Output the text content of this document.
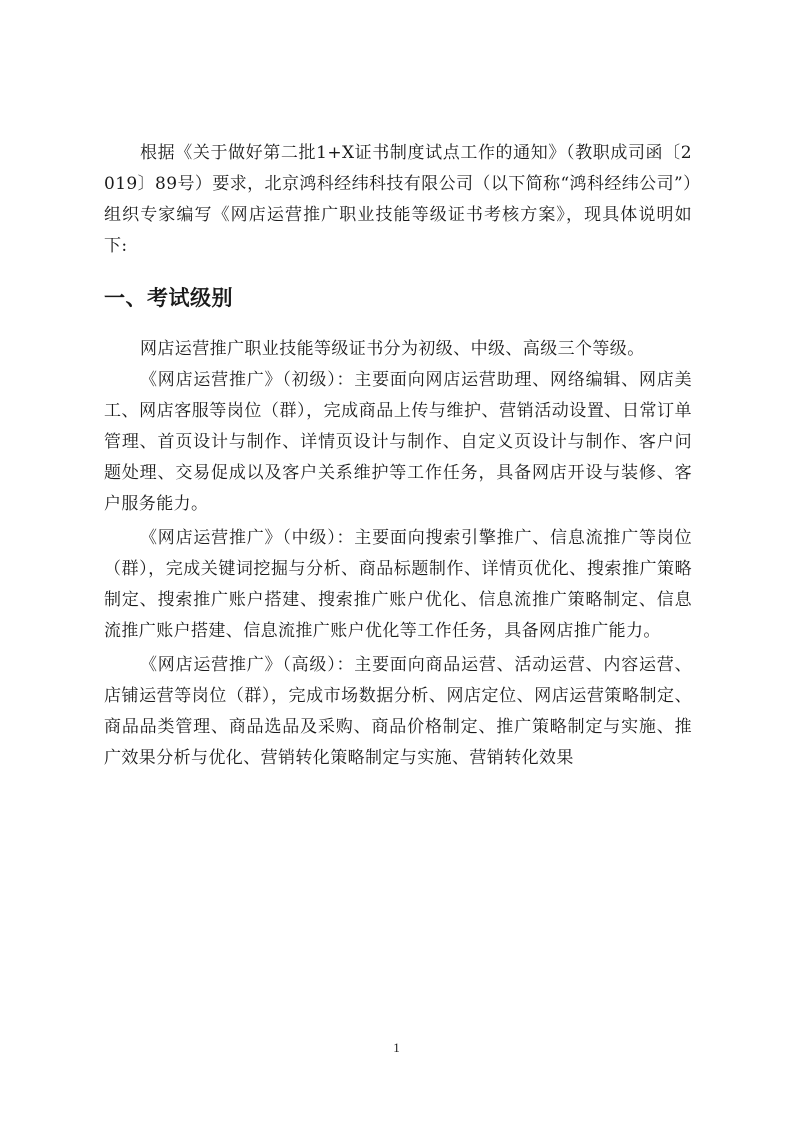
根据《关于做好第二批1+X证书制度试点工作的通知》（教职成司函〔2019〕89号）要求，北京鸿科经纬科技有限公司（以下简称“鸿科经纬公司”）组织专家编写《网店运营推广职业技能等级证书考核方案》，现具体说明如下:

一、考试级别

网店运营推广职业技能等级证书分为初级、中级、高级三个等级。

《网店运营推广》（初级）：主要面向网店运营助理、网络编辑、网店美工、网店客服等岗位（群），完成商品上传与维护、营销活动设置、日常订单管理、首页设计与制作、详情页设计与制作、自定义页设计与制作、客户问题处理、交易促成以及客户关系维护等工作任务，具备网店开设与装修、客户服务能力。

《网店运营推广》（中级）：主要面向搜索引擎推广、信息流推广等岗位（群），完成关键词挖掘与分析、商品标题制作、详情页优化、搜索推广策略制定、搜索推广账户搭建、搜索推广账户优化、信息流推广策略制定、信息流推广账户搭建、信息流推广账户优化等工作任务，具备网店推广能力。

《网店运营推广》（高级）：主要面向商品运营、活动运营、内容运营、店铺运营等岗位（群），完成市场数据分析、网店定位、网店运营策略制定、商品品类管理、商品选品及采购、商品价格制定、推广策略制定与实施、推广效果分析与优化、营销转化策略制定与实施、营销转化效果

1
